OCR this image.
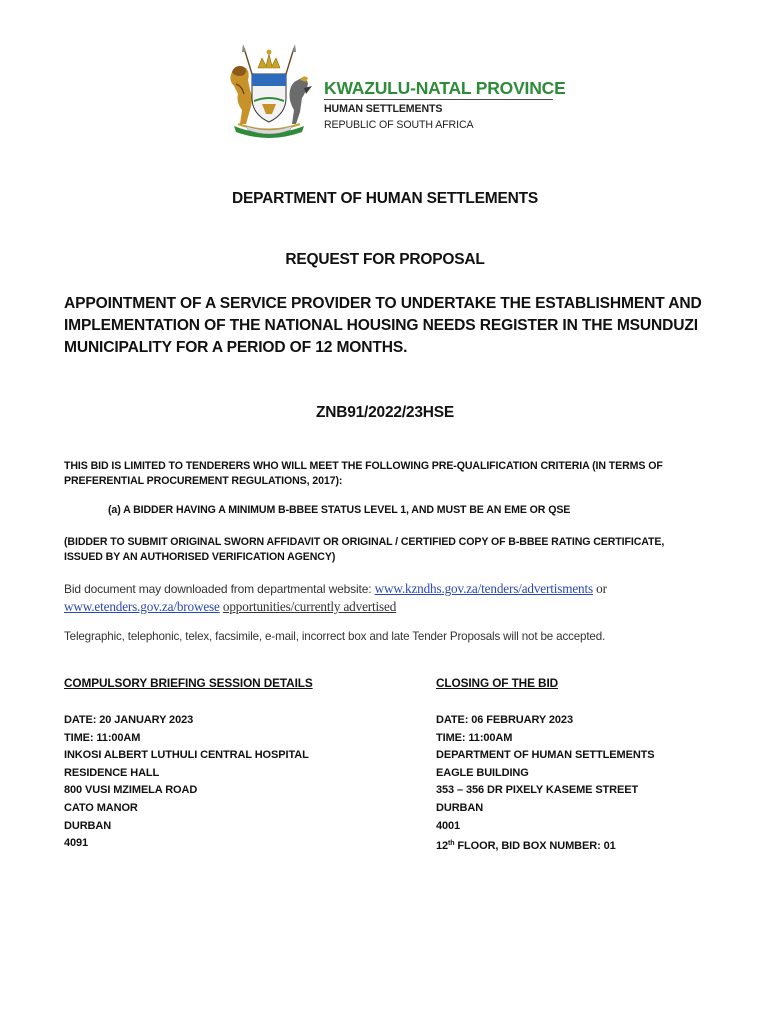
KWAZULU-NATAL PROVINCE
HUMAN SETTLEMENTS
REPUBLIC OF SOUTH AFRICA
DEPARTMENT OF HUMAN SETTLEMENTS
REQUEST FOR PROPOSAL
APPOINTMENT OF A SERVICE PROVIDER TO UNDERTAKE THE ESTABLISHMENT AND IMPLEMENTATION OF THE NATIONAL HOUSING NEEDS REGISTER IN THE MSUNDUZI MUNICIPALITY FOR A PERIOD OF 12 MONTHS.
ZNB91/2022/23HSE
THIS BID IS LIMITED TO TENDERERS WHO WILL MEET THE FOLLOWING PRE-QUALIFICATION CRITERIA (IN TERMS OF PREFERENTIAL PROCUREMENT REGULATIONS, 2017):
(a) A BIDDER HAVING A MINIMUM B-BBEE STATUS LEVEL 1, AND MUST BE AN EME OR QSE
(BIDDER TO SUBMIT ORIGINAL SWORN AFFIDAVIT OR ORIGINAL / CERTIFIED COPY OF B-BBEE RATING CERTIFICATE, ISSUED BY AN AUTHORISED VERIFICATION AGENCY)
Bid document may downloaded from departmental website: www.kzndhs.gov.za/tenders/advertisments or
www.etenders.gov.za/browese opportunities/currently advertised
Telegraphic, telephonic, telex, facsimile, e-mail, incorrect box and late Tender Proposals will not be accepted.
COMPULSORY BRIEFING SESSION DETAILS	CLOSING OF THE BID
DATE: 20 JANUARY 2023
TIME: 11:00AM
INKOSI ALBERT LUTHULI CENTRAL HOSPITAL
RESIDENCE HALL
800 VUSI MZIMELA ROAD
CATO MANOR
DURBAN
4091
DATE: 06 FEBRUARY 2023
TIME: 11:00AM
DEPARTMENT OF HUMAN SETTLEMENTS
EAGLE BUILDING
353 – 356 DR PIXELY KASEME STREET
DURBAN
4001
12th FLOOR, BID BOX NUMBER: 01
